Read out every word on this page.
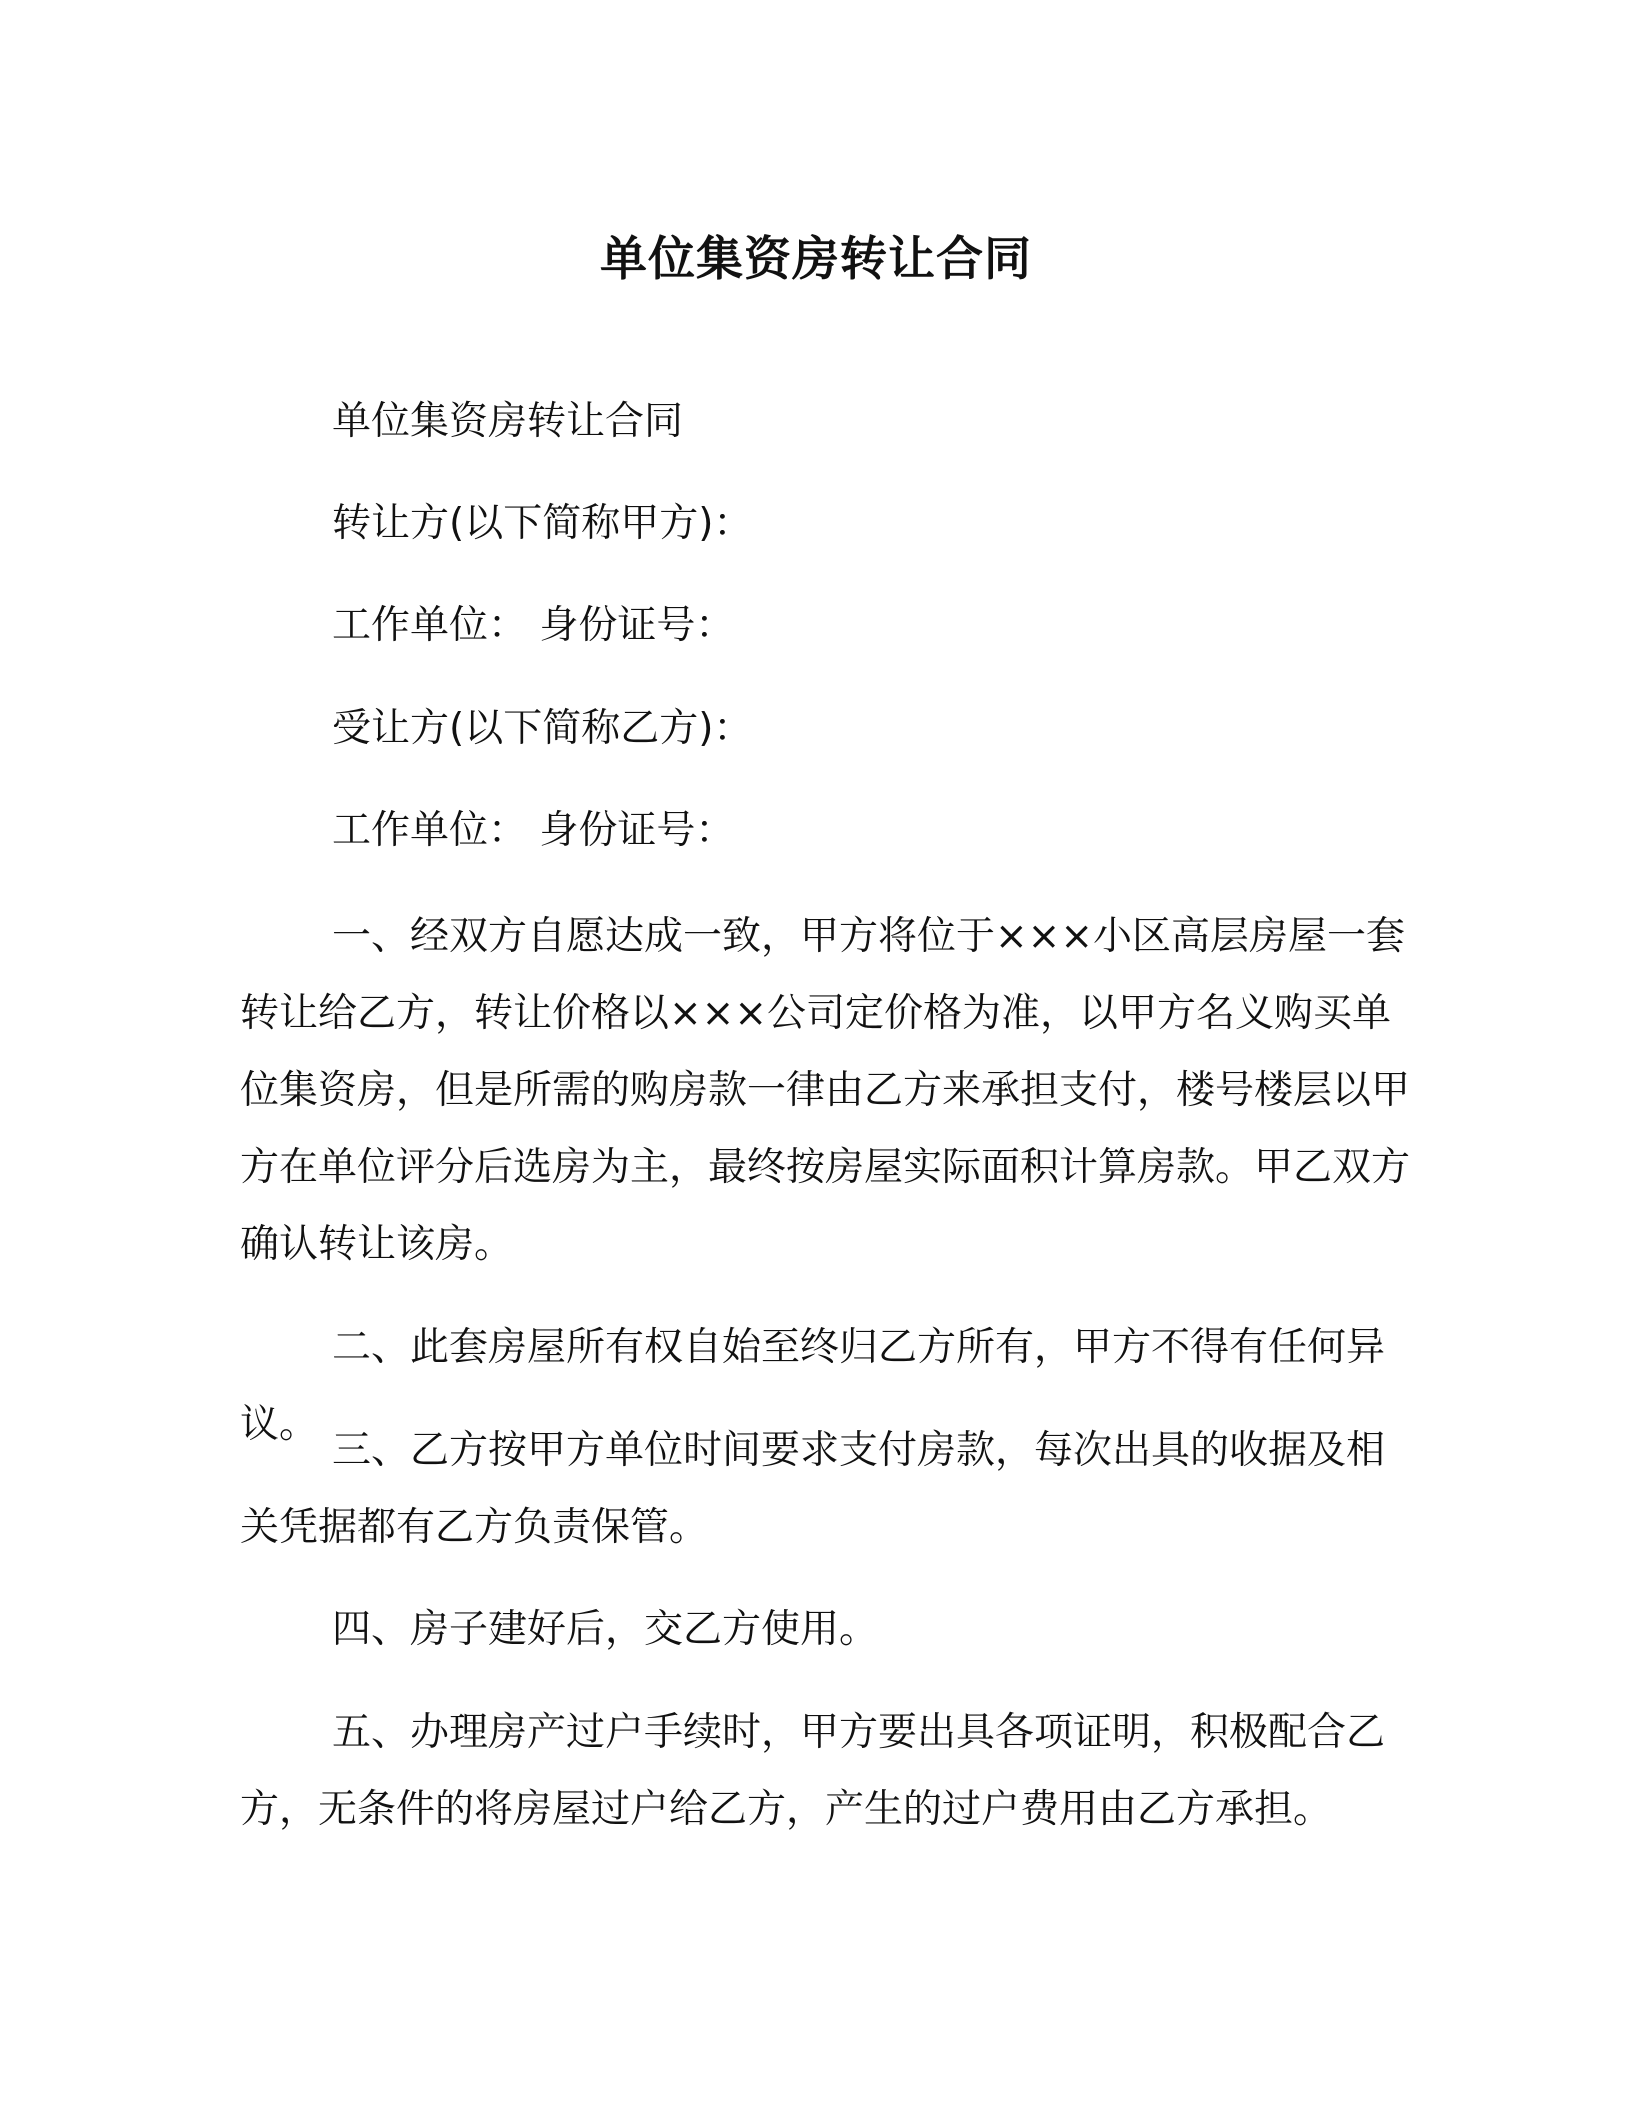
单位集资房转让合同

单位集资房转让合同

转让方(以下简称甲方)：

工作单位： 身份证号：

受让方(以下简称乙方)：

工作单位： 身份证号：

一、经双方自愿达成一致，甲方将位于×××小区高层房屋一套转让给乙方，转让价格以×××公司定价格为准，以甲方名义购买单位集资房，但是所需的购房款一律由乙方来承担支付，楼号楼层以甲方在单位评分后选房为主，最终按房屋实际面积计算房款。甲乙双方确认转让该房。

二、此套房屋所有权自始至终归乙方所有，甲方不得有任何异议。

三、乙方按甲方单位时间要求支付房款，每次出具的收据及相关凭据都有乙方负责保管。

四、房子建好后，交乙方使用。

五、办理房产过户手续时，甲方要出具各项证明，积极配合乙方，无条件的将房屋过户给乙方，产生的过户费用由乙方承担。
